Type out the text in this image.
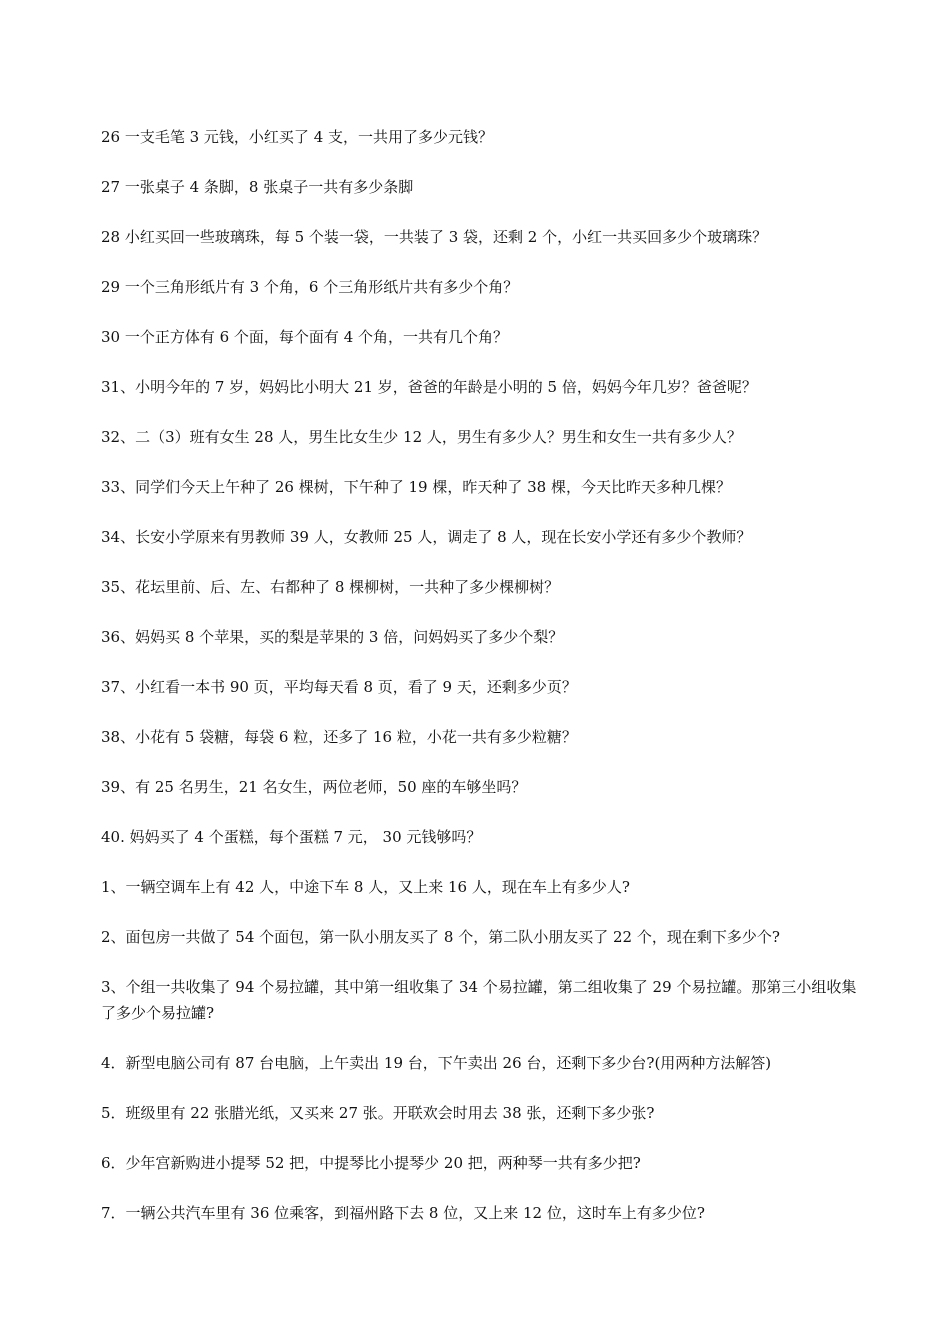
26 一支毛笔 3 元钱，小红买了 4 支，一共用了多少元钱？
27 一张桌子 4 条脚，8 张桌子一共有多少条脚
28 小红买回一些玻璃珠，每 5 个装一袋，一共装了 3 袋，还剩 2 个，小红一共买回多少个玻璃珠？
29 一个三角形纸片有 3 个角，6 个三角形纸片共有多少个角？
30 一个正方体有 6 个面，每个面有 4 个角，一共有几个角？
31、小明今年的 7 岁，妈妈比小明大 21 岁，爸爸的年龄是小明的 5 倍，妈妈今年几岁？爸爸呢？
32、二（3）班有女生 28 人，男生比女生少 12 人，男生有多少人？男生和女生一共有多少人？
33、同学们今天上午种了 26 棵树，下午种了 19 棵，昨天种了 38 棵，今天比昨天多种几棵？
34、长安小学原来有男教师 39 人，女教师 25 人，调走了 8 人，现在长安小学还有多少个教师？
35、花坛里前、后、左、右都种了 8 棵柳树，一共种了多少棵柳树？
36、妈妈买 8 个苹果，买的梨是苹果的 3 倍，问妈妈买了多少个梨？
37、小红看一本书 90 页，平均每天看 8 页，看了 9 天，还剩多少页？
38、小花有 5 袋糖，每袋 6 粒，还多了 16 粒，小花一共有多少粒糖？
39、有 25 名男生，21 名女生，两位老师，50 座的车够坐吗？
40. 妈妈买了 4 个蛋糕，每个蛋糕 7 元， 30 元钱够吗？
1、一辆空调车上有 42 人，中途下车 8 人，又上来 16 人，现在车上有多少人?
2、面包房一共做了 54 个面包，第一队小朋友买了 8 个，第二队小朋友买了 22 个，现在剩下多少个?
3、个组一共收集了 94 个易拉罐，其中第一组收集了 34 个易拉罐，第二组收集了 29 个易拉罐。那第三小组收集了多少个易拉罐?
4．新型电脑公司有 87 台电脑，上午卖出 19 台，下午卖出 26 台，还剩下多少台?(用两种方法解答)
5．班级里有 22 张腊光纸，又买来 27 张。开联欢会时用去 38 张，还剩下多少张?
6．少年宫新购进小提琴 52 把，中提琴比小提琴少 20 把，两种琴一共有多少把?
7．一辆公共汽车里有 36 位乘客，到福州路下去 8 位，又上来 12 位，这时车上有多少位?
